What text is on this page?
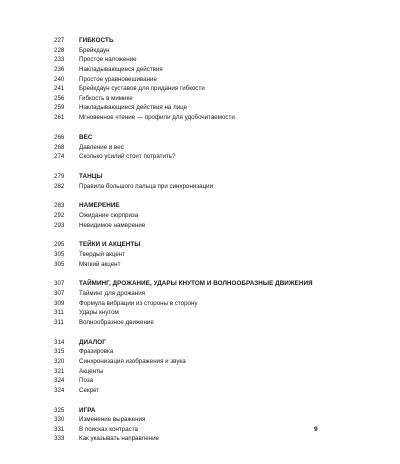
227	ГИБКОСТЬ
228	Брейкдаун
233	Простое наложение
236	Накладывающиеся действия
240	Простое уравновешивание
241	Брейкдаун суставов для придания гибкости
256	Гибкость в мимике
259	Накладывающиеся действия на лице
261	Мгновенное чтение — профили для удобочитаемости
266	ВЕС
268	Давление и вес
274	Сколько усилий стоит потратить?
279	ТАНЦЫ
282	Правила большого пальца при синхронизации
283	НАМЕРЕНИЕ
292	Ожидание сюрприза
293	Невидимое намерение
295	ТЕЙКИ И АКЦЕНТЫ
305	Твердый акцент
305	Мягкий акцент
307	ТАЙМИНГ, ДРОЖАНИЕ, УДАРЫ КНУТОМ И ВОЛНООБРАЗНЫЕ ДВИЖЕНИЯ
307	Тайминг для дрожания
309	Формула вибрации из стороны в сторону
311	Удары кнутом
311	Волнообразное движение
314	ДИАЛОГ
315	Фразировка
320	Синхронизация изображения и звука
321	Акценты
324	Поза
324	Секрет
325	ИГРА
330	Изменение выражения
331	В поисках контраста
333	Как указывать направление
9
